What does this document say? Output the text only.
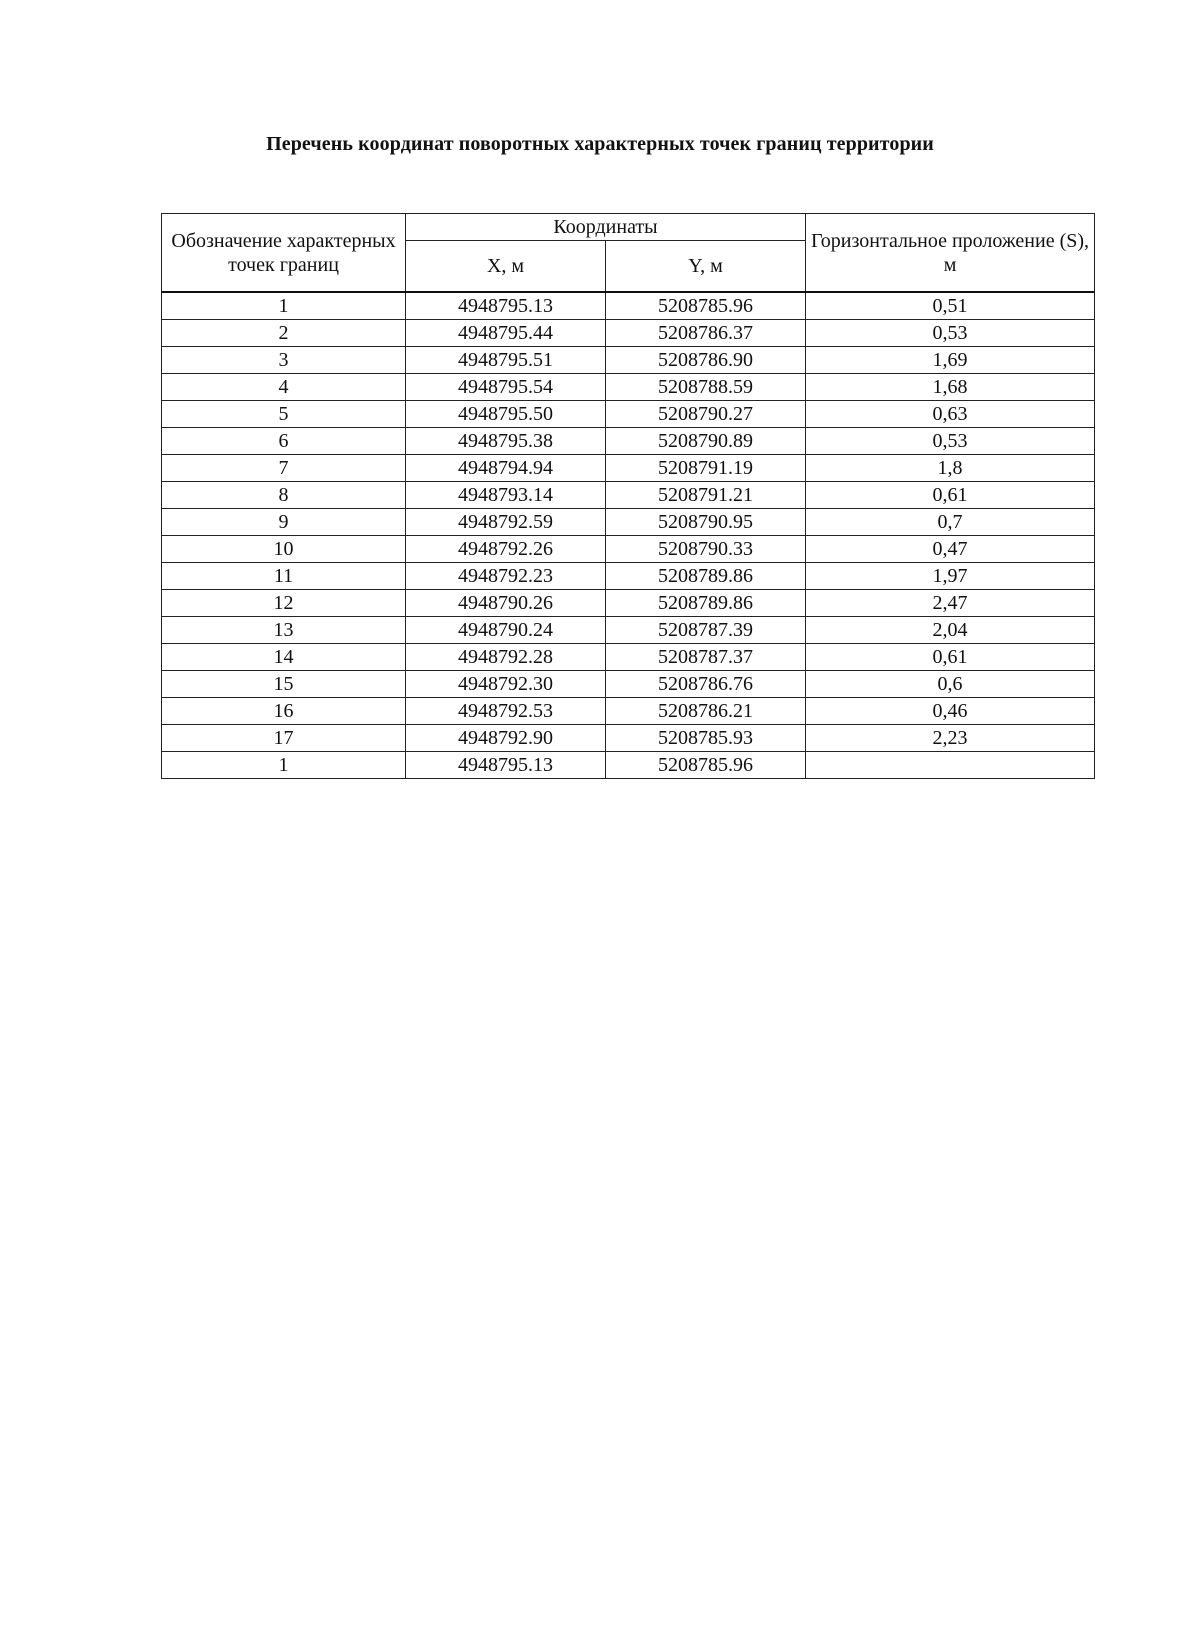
Перечень координат поворотных характерных точек границ территории
Обозначение характерных точек границ	Координаты		Горизонтальное проложение (S), м
	X, м	Y, м	
1	4948795.13	5208785.96	0,51
2	4948795.44	5208786.37	0,53
3	4948795.51	5208786.90	1,69
4	4948795.54	5208788.59	1,68
5	4948795.50	5208790.27	0,63
6	4948795.38	5208790.89	0,53
7	4948794.94	5208791.19	1,8
8	4948793.14	5208791.21	0,61
9	4948792.59	5208790.95	0,7
10	4948792.26	5208790.33	0,47
11	4948792.23	5208789.86	1,97
12	4948790.26	5208789.86	2,47
13	4948790.24	5208787.39	2,04
14	4948792.28	5208787.37	0,61
15	4948792.30	5208786.76	0,6
16	4948792.53	5208786.21	0,46
17	4948792.90	5208785.93	2,23
1	4948795.13	5208785.96	
